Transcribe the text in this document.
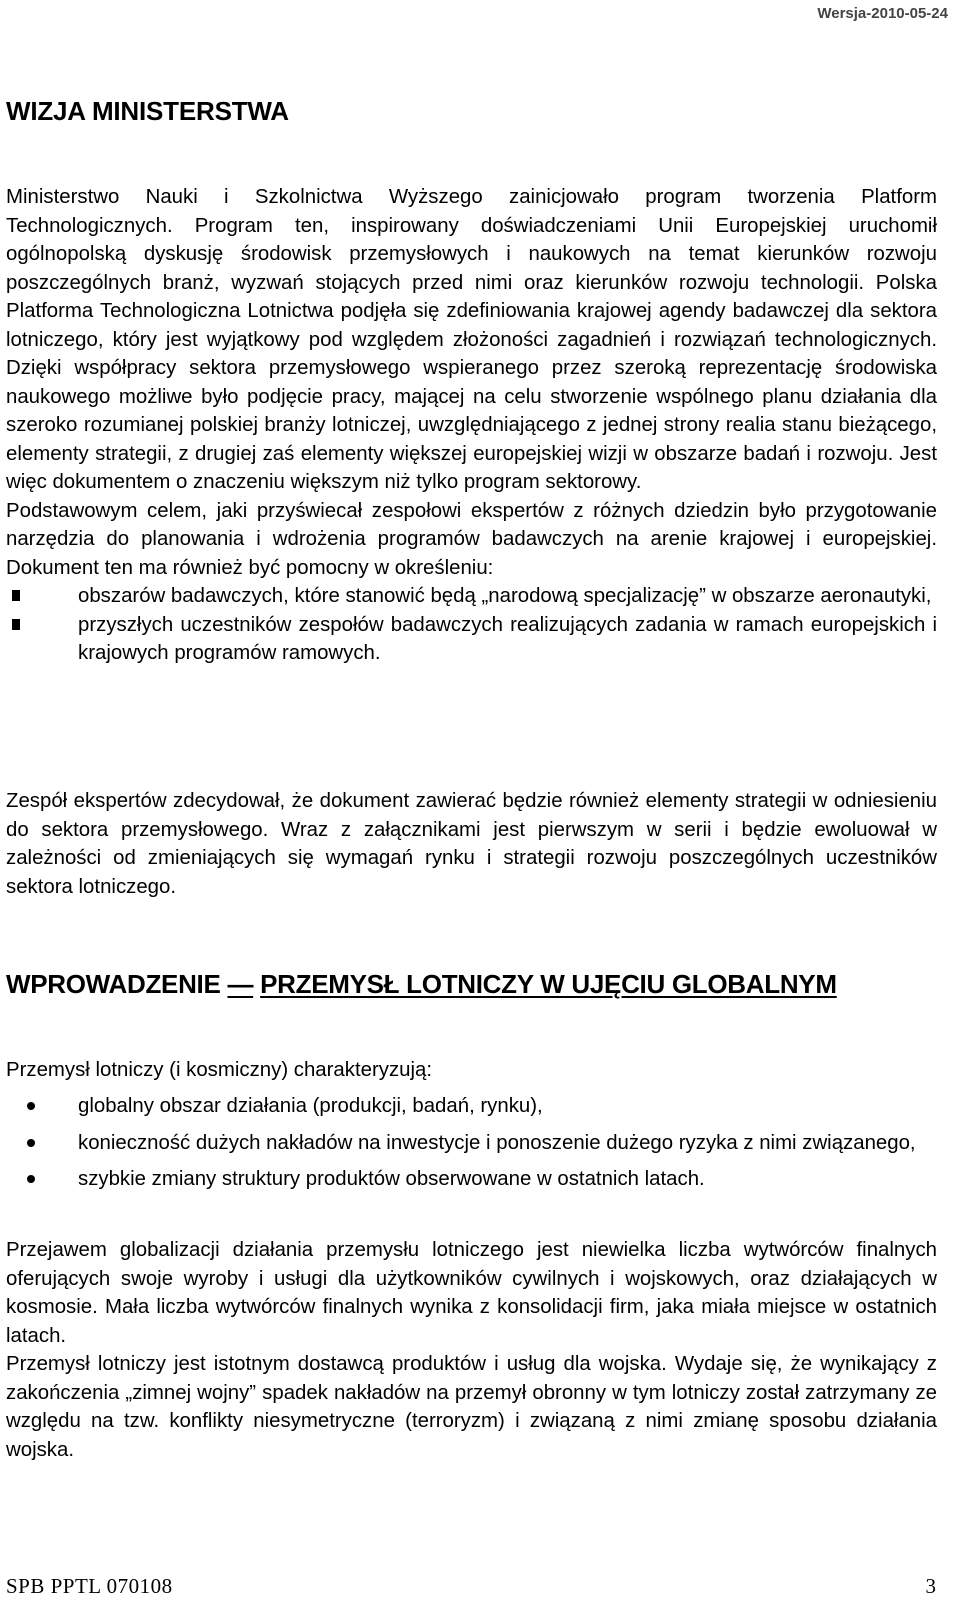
Wersja-2010-05-24
WIZJA MINISTERSTWA

Ministerstwo Nauki i Szkolnictwa Wyższego zainicjowało program tworzenia Platform Technologicznych. Program ten, inspirowany doświadczeniami Unii Europejskiej uruchomił ogólnopolską dyskusję środowisk przemysłowych i naukowych na temat kierunków rozwoju poszczególnych branż, wyzwań stojących przed nimi oraz kierunków rozwoju technologii. Polska Platforma Technologiczna Lotnictwa podjęła się zdefiniowania krajowej agendy badawczej dla sektora lotniczego, który jest wyjątkowy pod względem złożoności zagadnień i rozwiązań technologicznych. Dzięki współpracy sektora przemysłowego wspieranego przez szeroką reprezentację środowiska naukowego możliwe było podjęcie pracy, mającej na celu stworzenie wspólnego planu działania dla szeroko rozumianej polskiej branży lotniczej, uwzględniającego z jednej strony realia stanu bieżącego, elementy strategii, z drugiej zaś elementy większej europejskiej wizji w obszarze badań i rozwoju. Jest więc dokumentem o znaczeniu większym niż tylko program sektorowy.

Podstawowym celem, jaki przyświecał zespołowi ekspertów z różnych dziedzin było przygotowanie narzędzia do planowania i wdrożenia programów badawczych na arenie krajowej i europejskiej. Dokument ten ma również być pomocny w określeniu:

obszarów badawczych, które stanowić będą „narodową specjalizację” w obszarze aeronautyki,
przyszłych uczestników zespołów badawczych realizujących zadania w ramach europejskich i krajowych programów ramowych.

Zespół ekspertów zdecydował, że dokument zawierać będzie również elementy strategii w odniesieniu do sektora przemysłowego. Wraz z załącznikami jest pierwszym w serii i będzie ewoluował w zależności od zmieniających się wymagań rynku i strategii rozwoju poszczególnych uczestników sektora lotniczego.

WPROWADZENIE — PRZEMYSŁ LOTNICZY W UJĘCIU GLOBALNYM

Przemysł lotniczy (i kosmiczny) charakteryzują:

globalny obszar działania (produkcji, badań, rynku),
konieczność dużych nakładów na inwestycje i ponoszenie dużego ryzyka z nimi związanego,
szybkie zmiany struktury produktów obserwowane w ostatnich latach.

Przejawem globalizacji działania przemysłu lotniczego jest niewielka liczba wytwórców finalnych oferujących swoje wyroby i usługi dla użytkowników cywilnych i wojskowych, oraz działających w kosmosie. Mała liczba wytwórców finalnych wynika z konsolidacji firm, jaka miała miejsce w ostatnich latach.

Przemysł lotniczy jest istotnym dostawcą produktów i usług dla wojska. Wydaje się, że wynikający z zakończenia „zimnej wojny” spadek nakładów na przemył obronny w tym lotniczy został zatrzymany ze względu na tzw. konflikty niesymetryczne (terroryzm) i związaną z nimi zmianę sposobu działania wojska.

SPB PPTL 070108	3
